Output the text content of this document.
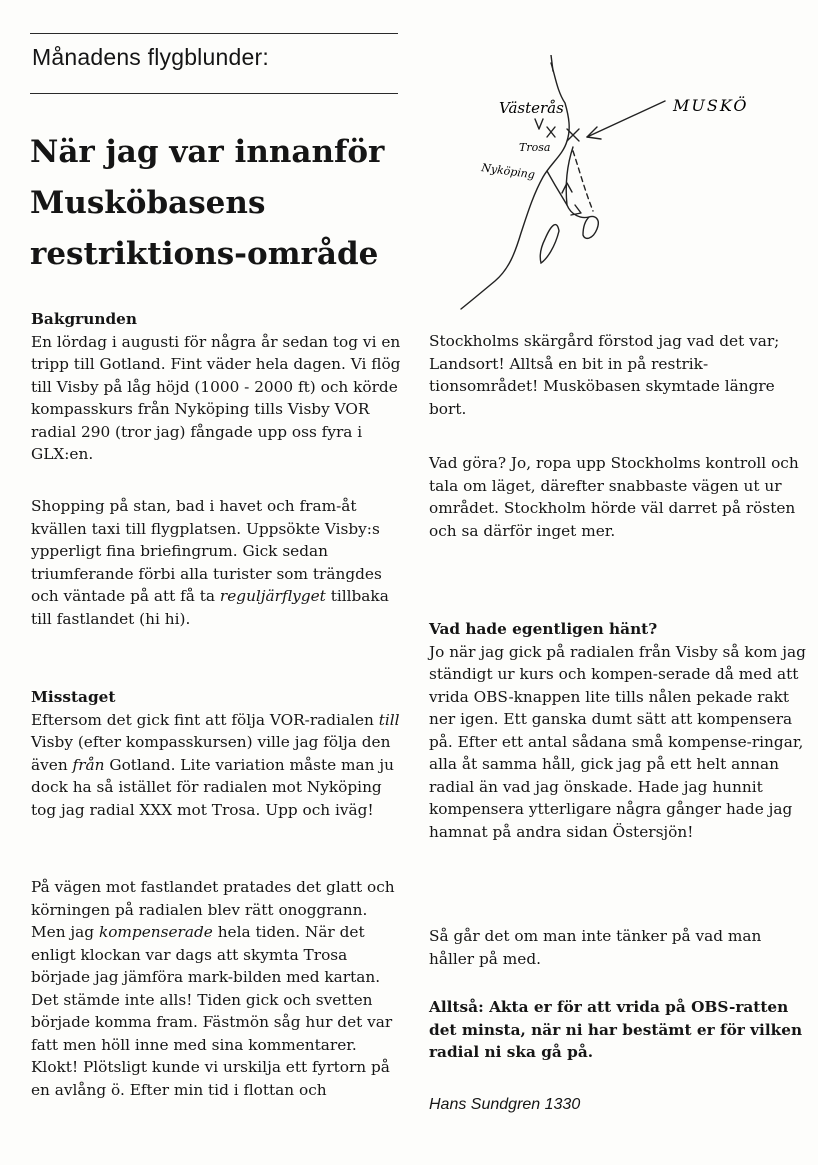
Månadens flygblunder:
När jag var innanför
Musköbasens
restriktions-område
Västerås	MUSKÖ
Trosa
Nyköping
Bakgrunden

En lördag i augusti för några år sedan tog vi en tripp till Gotland. Fint väder hela dagen. Vi flög till Visby på låg höjd (1000 - 2000 ft) och körde kompasskurs från Nyköping tills Visby VOR radial 290 (tror jag) fångade upp oss fyra i GLX:en.

Shopping på stan, bad i havet och fram-åt kvällen taxi till flygplatsen. Uppsökte Visby:s ypperligt fina briefingrum. Gick sedan triumferande förbi alla turister som trängdes och väntade på att få ta reguljärflyget tillbaka till fastlandet (hi hi).

Misstaget

Eftersom det gick fint att följa VOR-radialen till Visby (efter kompasskursen) ville jag följa den även från Gotland. Lite variation måste man ju dock ha så istället för radialen mot Nyköping tog jag radial XXX mot Trosa. Upp och iväg!

På vägen mot fastlandet pratades det glatt och körningen på radialen blev rätt onoggrann. Men jag kompenserade hela tiden. När det enligt klockan var dags att skymta Trosa började jag jämföra mark-bilden med kartan. Det stämde inte alls! Tiden gick och svetten började komma fram. Fästmön såg hur det var fatt men höll inne med sina kommentarer. Klokt! Plötsligt kunde vi urskilja ett fyrtorn på en avlång ö. Efter min tid i flottan och

Stockholms skärgård förstod jag vad det var; Landsort! Alltså en bit in på restriktionsområdet! Musköbasen skymtade längre bort.

Vad göra? Jo, ropa upp Stockholms kontroll och tala om läget, därefter snabbaste vägen ut ur området. Stockholm hörde väl darret på rösten och sa därför inget mer.

Vad hade egentligen hänt?

Jo när jag gick på radialen från Visby så kom jag ständigt ur kurs och kompen-serade då med att vrida OBS-knappen lite tills nålen pekade rakt ner igen. Ett ganska dumt sätt att kompensera på. Efter ett antal sådana små kompense-ringar, alla åt samma håll, gick jag på ett helt annan radial än vad jag önskade. Hade jag hunnit kompensera ytterligare några gånger hade jag hamnat på andra sidan Östersjön!

Så går det om man inte tänker på vad man håller på med.

Alltså: Akta er för att vrida på OBS-ratten det minsta, när ni har bestämt er för vilken radial ni ska gå på.

Hans Sundgren 1330
